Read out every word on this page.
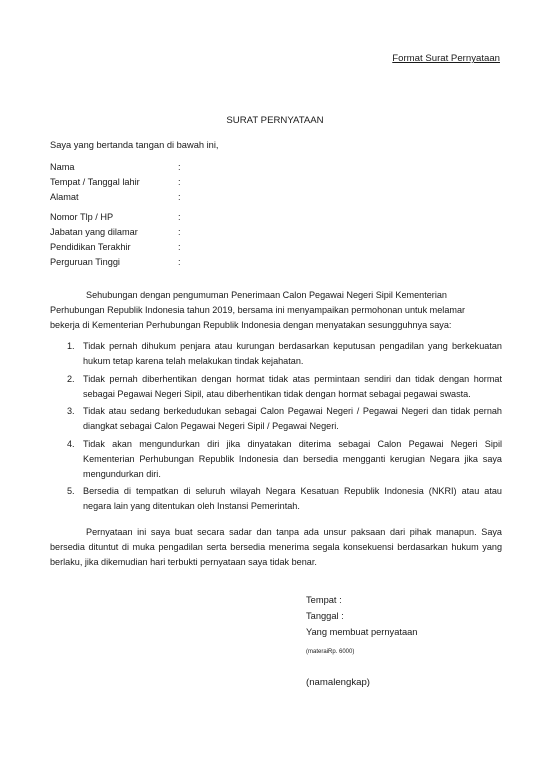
Format Surat Pernyataan
SURAT PERNYATAAN
Saya yang bertanda tangan di bawah ini,
Nama	:
Tempat / Tanggal lahir	:
Alamat	:
Nomor Tlp / HP	:
Jabatan yang dilamar	:
Pendidikan Terakhir	:
Perguruan Tinggi	:
Sehubungan dengan pengumuman Penerimaan Calon Pegawai Negeri Sipil Kementerian
Perhubungan Republik Indonesia tahun 2019, bersama ini menyampaikan permohonan untuk melamar
bekerja di Kementerian Perhubungan Republik Indonesia dengan menyatakan sesungguhnya saya:
1. Tidak pernah dihukum penjara atau kurungan berdasarkan keputusan pengadilan yang berkekuatan hukum tetap karena telah melakukan tindak kejahatan.
2. Tidak pernah diberhentikan dengan hormat tidak atas permintaan sendiri dan tidak dengan hormat sebagai Pegawai Negeri Sipil, atau diberhentikan tidak dengan hormat sebagai pegawai swasta.
3. Tidak atau sedang berkedudukan sebagai Calon Pegawai Negeri / Pegawai Negeri dan tidak pernah diangkat sebagai Calon Pegawai Negeri Sipil / Pegawai Negeri.
4. Tidak akan mengundurkan diri jika dinyatakan diterima sebagai Calon Pegawai Negeri Sipil Kementerian Perhubungan Republik Indonesia dan bersedia mengganti kerugian Negara jika saya mengundurkan diri.
5. Bersedia di tempatkan di seluruh wilayah Negara Kesatuan Republik Indonesia (NKRI) atau atau negara lain yang ditentukan oleh Instansi Pemerintah.
Pernyataan ini saya buat secara sadar dan tanpa ada unsur paksaan dari pihak manapun. Saya bersedia dituntut di muka pengadilan serta bersedia menerima segala konsekuensi berdasarkan hukum yang berlaku, jika dikemudian hari terbukti pernyataan saya tidak benar.
Tempat :
Tanggal :
Yang membuat pernyataan
(materaiRp. 6000)
(namalengkap)
